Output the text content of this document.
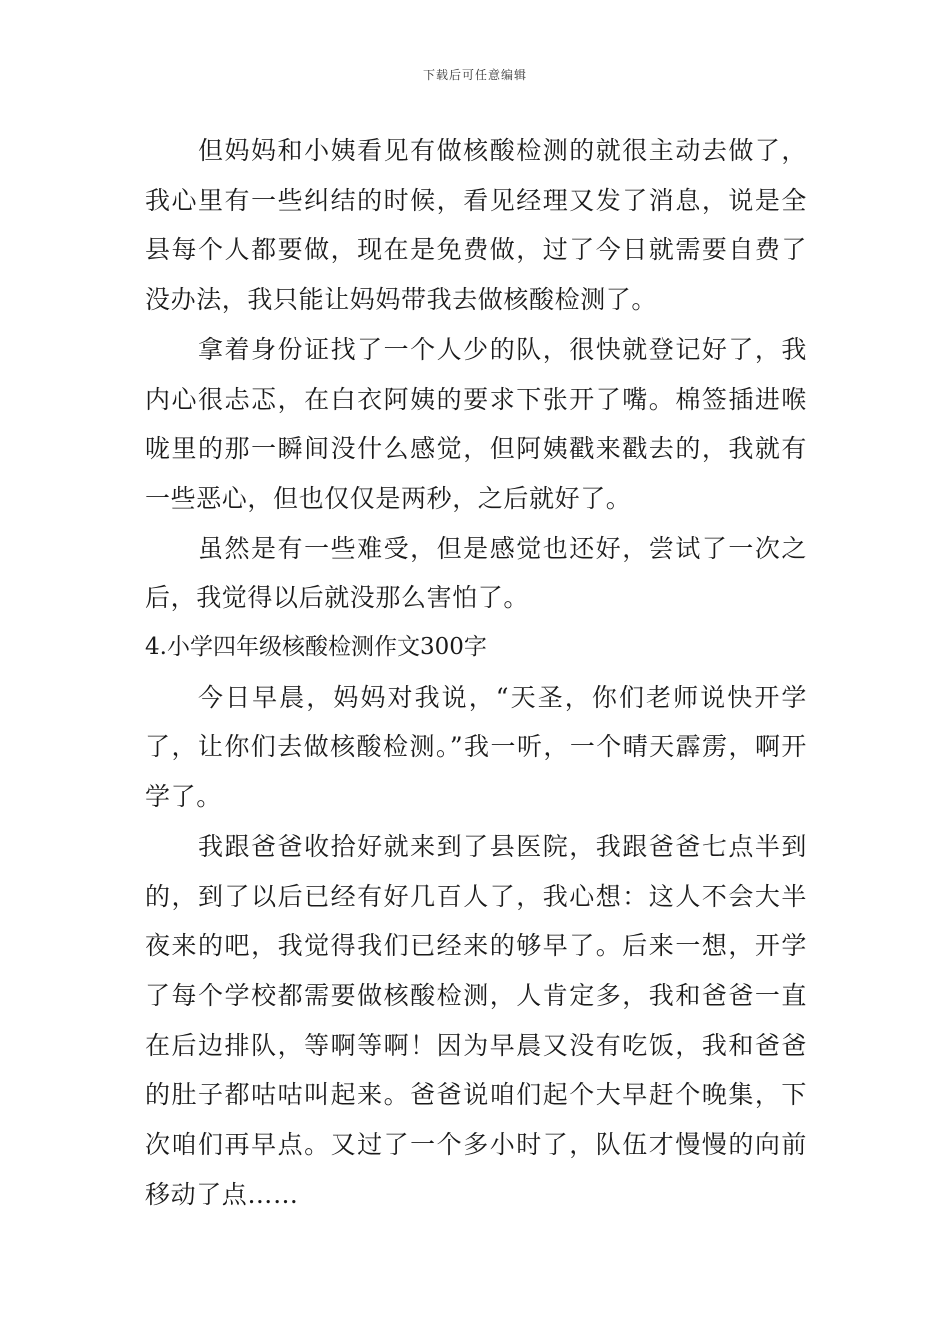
下载后可任意编辑

但妈妈和小姨看见有做核酸检测的就很主动去做了，我心里有一些纠结的时候，看见经理又发了消息，说是全县每个人都要做，现在是免费做，过了今日就需要自费了没办法，我只能让妈妈带我去做核酸检测了。

拿着身份证找了一个人少的队，很快就登记好了，我内心很忐忑，在白衣阿姨的要求下张开了嘴。棉签插进喉咙里的那一瞬间没什么感觉，但阿姨戳来戳去的，我就有一些恶心，但也仅仅是两秒，之后就好了。

虽然是有一些难受，但是感觉也还好，尝试了一次之后，我觉得以后就没那么害怕了。

4.小学四年级核酸检测作文300字

今日早晨，妈妈对我说，“天圣，你们老师说快开学了，让你们去做核酸检测。”我一听，一个晴天霹雳，啊开学了。

我跟爸爸收拾好就来到了县医院，我跟爸爸七点半到的，到了以后已经有好几百人了，我心想：这人不会大半夜来的吧，我觉得我们已经来的够早了。后来一想，开学了每个学校都需要做核酸检测，人肯定多，我和爸爸一直在后边排队，等啊等啊！因为早晨又没有吃饭，我和爸爸的肚子都咕咕叫起来。爸爸说咱们起个大早赶个晚集，下次咱们再早点。又过了一个多小时了，队伍才慢慢的向前移动了点……
